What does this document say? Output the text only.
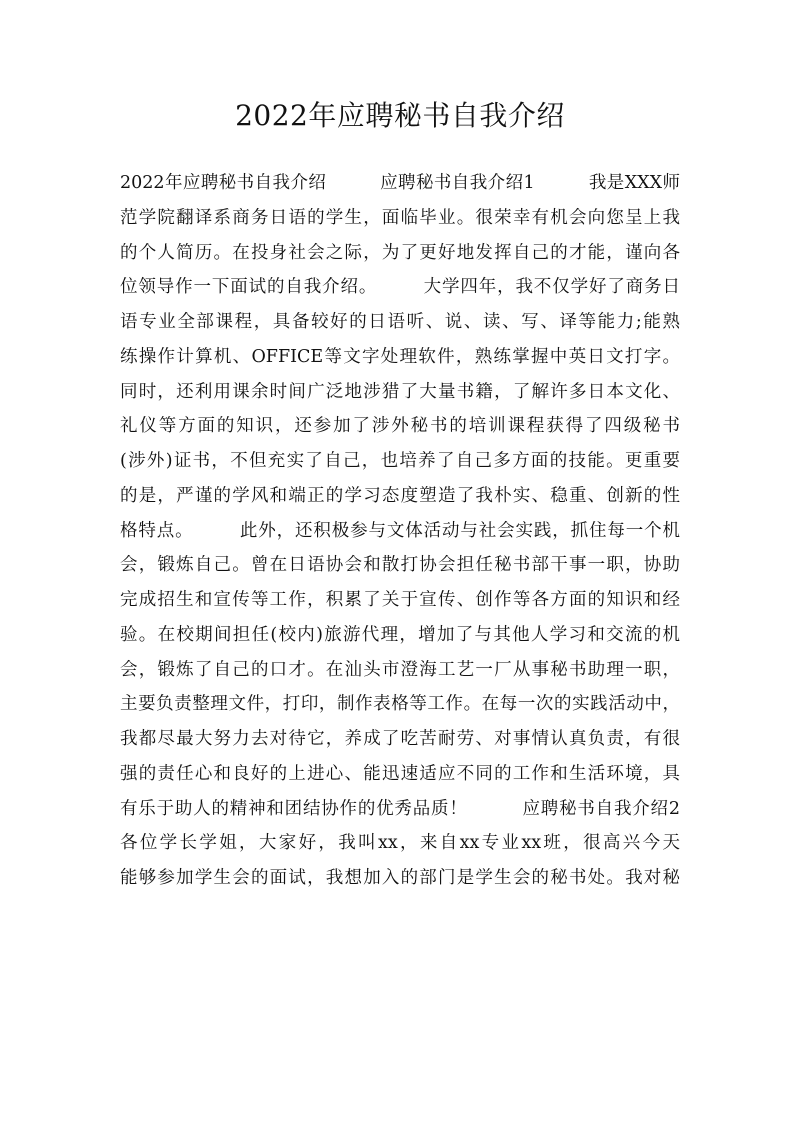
2022年应聘秘书自我介绍
2022年应聘秘书自我介绍　　　应聘秘书自我介绍1　　　我是XXX师
范学院翻译系商务日语的学生，面临毕业。很荣幸有机会向您呈上我
的个人简历。在投身社会之际，为了更好地发挥自己的才能，谨向各
位领导作一下面试的自我介绍。　　　大学四年，我不仅学好了商务日
语专业全部课程，具备较好的日语听、说、读、写、译等能力;能熟
练操作计算机、OFFICE等文字处理软件，熟练掌握中英日文打字。
同时，还利用课余时间广泛地涉猎了大量书籍，了解许多日本文化、
礼仪等方面的知识，还参加了涉外秘书的培训课程获得了四级秘书
(涉外)证书，不但充实了自己，也培养了自己多方面的技能。更重要
的是，严谨的学风和端正的学习态度塑造了我朴实、稳重、创新的性
格特点。　　　此外，还积极参与文体活动与社会实践，抓住每一个机
会，锻炼自己。曾在日语协会和散打协会担任秘书部干事一职，协助
完成招生和宣传等工作，积累了关于宣传、创作等各方面的知识和经
验。在校期间担任(校内)旅游代理，增加了与其他人学习和交流的机
会，锻炼了自己的口才。在汕头市澄海工艺一厂从事秘书助理一职，
主要负责整理文件，打印，制作表格等工作。在每一次的实践活动中，
我都尽最大努力去对待它，养成了吃苦耐劳、对事情认真负责，有很
强的责任心和良好的上进心、能迅速适应不同的工作和生活环境，具
有乐于助人的精神和团结协作的优秀品质！　　　应聘秘书自我介绍2
各位学长学姐，大家好，我叫xx，来自xx专业xx班，很高兴今天
能够参加学生会的面试，我想加入的部门是学生会的秘书处。我对秘
